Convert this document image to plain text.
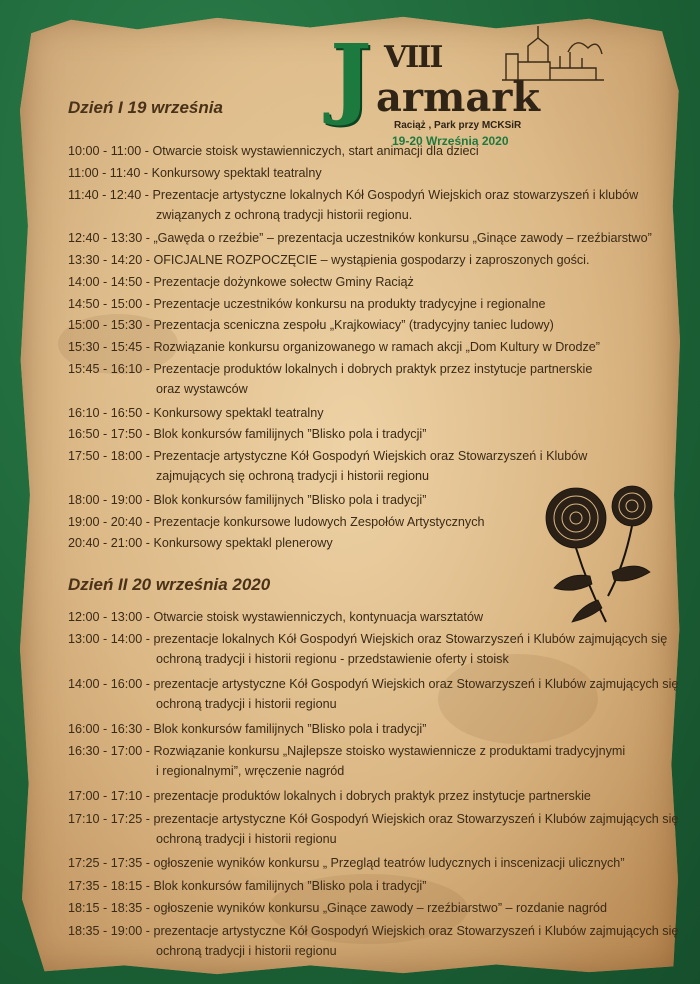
J VIII
armark
Raciąż , Park przy MCKSiR
19-20 Września 2020
Dzień I 19 września
10:00 - 11:00 - Otwarcie stoisk wystawienniczych, start animacji dla dzieci
11:00 - 11:40 - Konkursowy spektakl teatralny
11:40 - 12:40 - Prezentacje artystyczne lokalnych Kół Gospodyń Wiejskich oraz stowarzyszeń i klubów
związanych z ochroną tradycji historii regionu.
12:40 - 13:30 - „Gawęda o rzeźbie” – prezentacja uczestników konkursu „Ginące zawody – rzeźbiarstwo”
13:30 - 14:20 - OFICJALNE ROZPOCZĘCIE – wystąpienia gospodarzy i zaproszonych gości.
14:00 - 14:50 - Prezentacje dożynkowe sołectw Gminy Raciąż
14:50 - 15:00 - Prezentacje uczestników konkursu na produkty tradycyjne i regionalne
15:00 - 15:30 - Prezentacja sceniczna zespołu „Krajkowiacy” (tradycyjny taniec ludowy)
15:30 - 15:45 - Rozwiązanie konkursu organizowanego w ramach akcji „Dom Kultury w Drodze”
15:45 - 16:10 - Prezentacje produktów lokalnych i dobrych praktyk przez instytucje partnerskie
oraz wystawców
16:10 - 16:50 - Konkursowy spektakl teatralny
16:50 - 17:50 - Blok konkursów familijnych ”Blisko pola i tradycji”
17:50 - 18:00 - Prezentacje artystyczne Kół Gospodyń Wiejskich oraz Stowarzyszeń i Klubów
zajmujących się ochroną tradycji i historii regionu
18:00 - 19:00 - Blok konkursów familijnych ”Blisko pola i tradycji”
19:00 - 20:40 - Prezentacje konkursowe ludowych Zespołów Artystycznych
20:40 - 21:00 - Konkursowy spektakl plenerowy
Dzień II 20 września 2020
12:00 - 13:00 - Otwarcie stoisk wystawienniczych, kontynuacja warsztatów
13:00 - 14:00 - prezentacje lokalnych Kół Gospodyń Wiejskich oraz Stowarzyszeń i Klubów zajmujących się
ochroną tradycji i historii regionu - przedstawienie oferty i stoisk
14:00 - 16:00 - prezentacje artystyczne Kół Gospodyń Wiejskich oraz Stowarzyszeń i Klubów zajmujących się
ochroną tradycji i historii regionu
16:00 - 16:30 - Blok konkursów familijnych ”Blisko pola i tradycji”
16:30 - 17:00 - Rozwiązanie konkursu „Najlepsze stoisko wystawiennicze z produktami tradycyjnymi
i regionalnymi”, wręczenie nagród
17:00 - 17:10 - prezentacje produktów lokalnych i dobrych praktyk przez instytucje partnerskie
17:10 - 17:25 - prezentacje artystyczne Kół Gospodyń Wiejskich oraz Stowarzyszeń i Klubów zajmujących się
ochroną tradycji i historii regionu
17:25 - 17:35 - ogłoszenie wyników konkursu „ Przegląd teatrów ludycznych i inscenizacji ulicznych”
17:35 - 18:15 - Blok konkursów familijnych ”Blisko pola i tradycji”
18:15 - 18:35 - ogłoszenie wyników konkursu „Ginące zawody – rzeźbiarstwo” – rozdanie nagród
18:35 - 19:00 - prezentacje artystyczne Kół Gospodyń Wiejskich oraz Stowarzyszeń i Klubów zajmujących się
ochroną tradycji i historii regionu
